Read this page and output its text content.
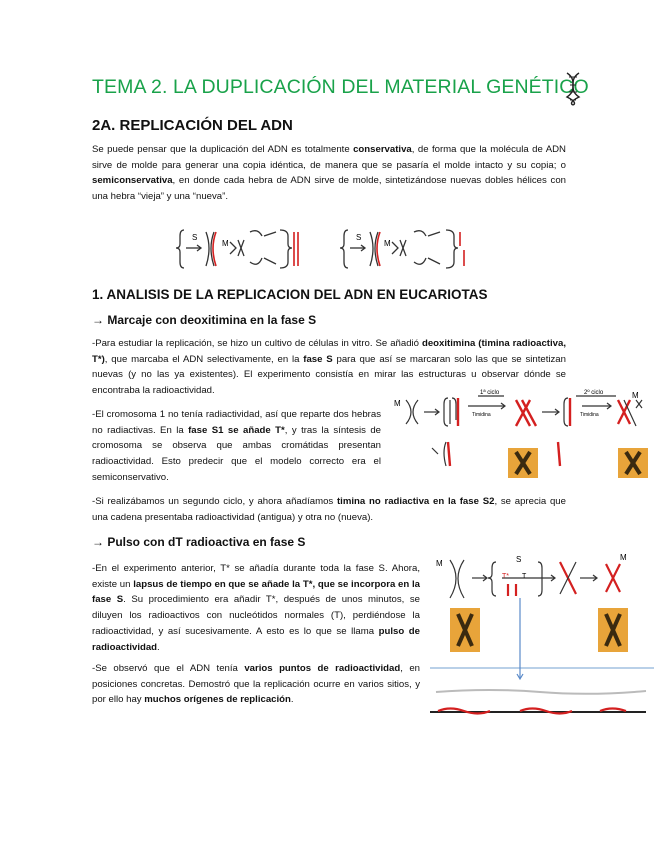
TEMA 2. LA DUPLICACIÓN DEL MATERIAL GENÉTICO
2A. REPLICACIÓN DEL ADN
Se puede pensar que la duplicación del ADN es totalmente conservativa, de forma que la molécula de ADN sirve de molde para generar una copia idéntica, de manera que se pasaría el molde intacto y su copia; o semiconservativa, en donde cada hebra de ADN sirve de molde, sintetizándose nuevas dobles hélices con una hebra “vieja” y una “nueva”.
S
M
S
M
1. ANALISIS DE LA REPLICACION DEL ADN EN EUCARIOTAS
→ Marcaje con deoxitimina en la fase S
-Para estudiar la replicación, se hizo un cultivo de células in vitro. Se añadió deoxitimina (timina radioactiva, T*), que marcaba el ADN selectivamente, en la fase S para que así se marcaran solo las que se sintetizan nuevas (y no las ya existentes). El experimento consistía en mirar las estructuras u observar dónde se encontraba la radioactividad.
-El cromosoma 1 no tenía radiactividad, así que reparte dos hebras no radiactivas. En la fase S1 se añade T*, y tras la síntesis de cromosoma se observa que ambas cromátidas presentan radioactividad. Esto predecir que el modelo correcto era el semiconservativo.
-Si realizábamos un segundo ciclo, y ahora añadíamos timina no radiactiva en la fase S2, se aprecia que una cadena presentaba radioactividad (antigua) y otra no (nueva).
M
1ª ciclo	2º ciclo
Timidina	Timidina
M
→ Pulso con dT radioactiva en fase S
-En el experimento anterior, T* se añadía durante toda la fase S. Ahora, existe un lapsus de tiempo en que se añade la T*, que se incorpora en la fase S. Su procedimiento era añadir T*, después de unos minutos, se diluyen los radioactivos con nucleótidos normales (T), perdiéndose la radioactividad, y así sucesivamente. A esto es lo que se llama pulso de radioactividad.
-Se observó que el ADN tenía varios puntos de radioactividad, en posiciones concretas. Demostró que la replicación ocurre en varios sitios, y por ello hay muchos orígenes de replicación.
M	S
T* T
M
